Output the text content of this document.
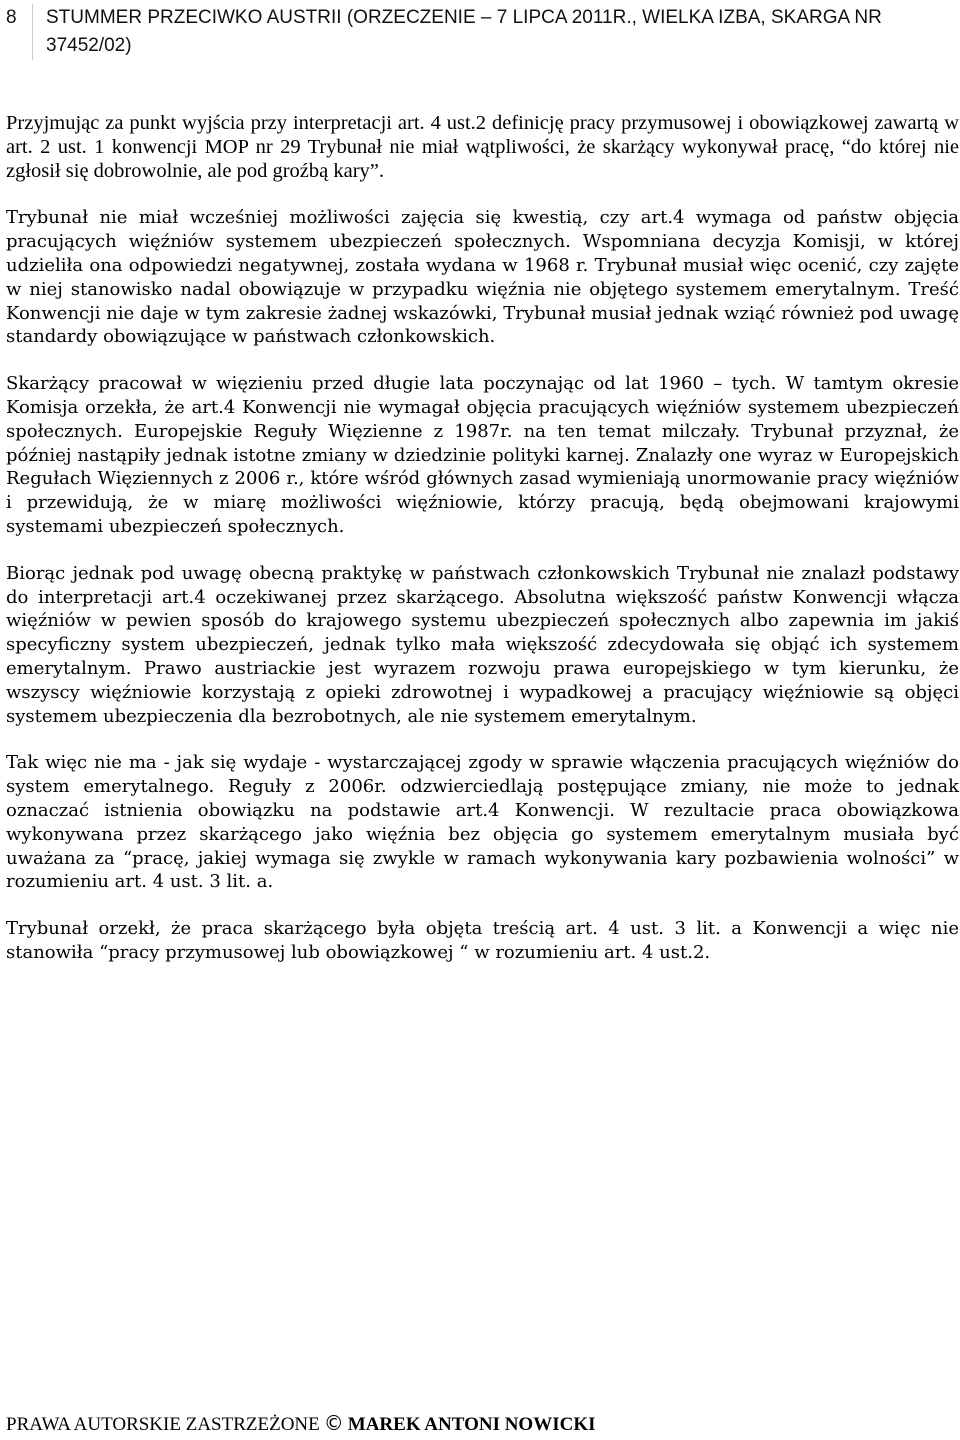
8 STUMMER PRZECIWKO AUSTRII (ORZECZENIE – 7 LIPCA 2011R., WIELKA IZBA, SKARGA NR 37452/02)

Przyjmując za punkt wyjścia przy interpretacji art. 4 ust.2 definicję pracy przymusowej i obowiązkowej zawartą w art. 2 ust. 1 konwencji MOP nr 29 Trybunał nie miał wątpliwości, że skarżący wykonywał pracę, “do której nie zgłosił się dobrowolnie, ale pod groźbą kary”.

Trybunał nie miał wcześniej możliwości zajęcia się kwestią, czy art.4 wymaga od państw objęcia pracujących więźniów systemem ubezpieczeń społecznych. Wspomniana decyzja Komisji, w której udzieliła ona odpowiedzi negatywnej, została wydana w 1968 r. Trybunał musiał więc ocenić, czy zajęte w niej stanowisko nadal obowiązuje w przypadku więźnia nie objętego systemem emerytalnym. Treść Konwencji nie daje w tym zakresie żadnej wskazówki, Trybunał musiał jednak wziąć również pod uwagę standardy obowiązujące w państwach członkowskich.

Skarżący pracował w więzieniu przed długie lata poczynając od lat 1960 – tych. W tamtym okresie Komisja orzekła, że art.4 Konwencji nie wymagał objęcia pracujących więźniów systemem ubezpieczeń społecznych. Europejskie Reguły Więzienne z 1987r. na ten temat milczały. Trybunał przyznał, że później nastąpiły jednak istotne zmiany w dziedzinie polityki karnej. Znalazły one wyraz w Europejskich Regułach Więziennych z 2006 r., które wśród głównych zasad wymieniają unormowanie pracy więźniów i przewidują, że w miarę możliwości więźniowie, którzy pracują, będą obejmowani krajowymi systemami ubezpieczeń społecznych.

Biorąc jednak pod uwagę obecną praktykę w państwach członkowskich Trybunał nie znalazł podstawy do interpretacji art.4 oczekiwanej przez skarżącego. Absolutna większość państw Konwencji włącza więźniów w pewien sposób do krajowego systemu ubezpieczeń społecznych albo zapewnia im jakiś specyficzny system ubezpieczeń, jednak tylko mała większość zdecydowała się objąć ich systemem emerytalnym. Prawo austriackie jest wyrazem rozwoju prawa europejskiego w tym kierunku, że wszyscy więźniowie korzystają z opieki zdrowotnej i wypadkowej a pracujący więźniowie są objęci systemem ubezpieczenia dla bezrobotnych, ale nie systemem emerytalnym.

Tak więc nie ma - jak się wydaje - wystarczającej zgody w sprawie włączenia pracujących więźniów do system emerytalnego. Reguły z 2006r. odzwierciedlają postępujące zmiany, nie może to jednak oznaczać istnienia obowiązku na podstawie art.4 Konwencji. W rezultacie praca obowiązkowa wykonywana przez skarżącego jako więźnia bez objęcia go systemem emerytalnym musiała być uważana za “pracę, jakiej wymaga się zwykle w ramach wykonywania kary pozbawienia wolności” w rozumieniu art. 4 ust. 3 lit. a.

Trybunał orzekł, że praca skarżącego była objęta treścią art. 4 ust. 3 lit. a Konwencji a więc nie stanowiła “pracy przymusowej lub obowiązkowej “ w rozumieniu art. 4 ust.2.

PRAWA AUTORSKIE ZASTRZEŻONE © MAREK ANTONI NOWICKI
